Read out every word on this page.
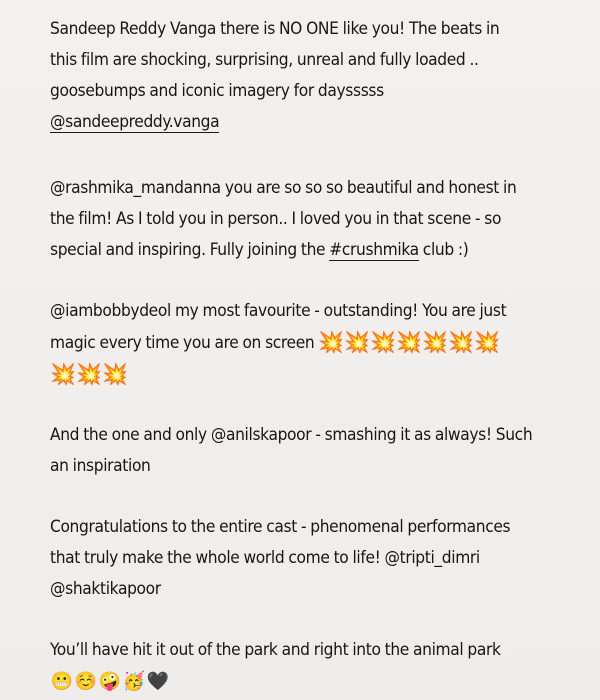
Sandeep Reddy Vanga there is NO ONE like you! The beats in
this film are shocking, surprising, unreal and fully loaded ..
goosebumps and iconic imagery for daysssss
@sandeepreddy.vanga

@rashmika_mandanna you are so so so beautiful and honest in
the film! As I told you in person.. I loved you in that scene - so
special and inspiring. Fully joining the #crushmika club :)

@iambobbydeol my most favourite - outstanding! You are just
magic every time you are on screen 💥💥💥💥💥💥💥
💥💥💥

And the one and only @anilskapoor - smashing it as always! Such
an inspiration

Congratulations to the entire cast - phenomenal performances
that truly make the whole world come to life! @tripti_dimri
@shaktikapoor

You’ll have hit it out of the park and right into the animal park
😬☺️🤪🥳🖤
